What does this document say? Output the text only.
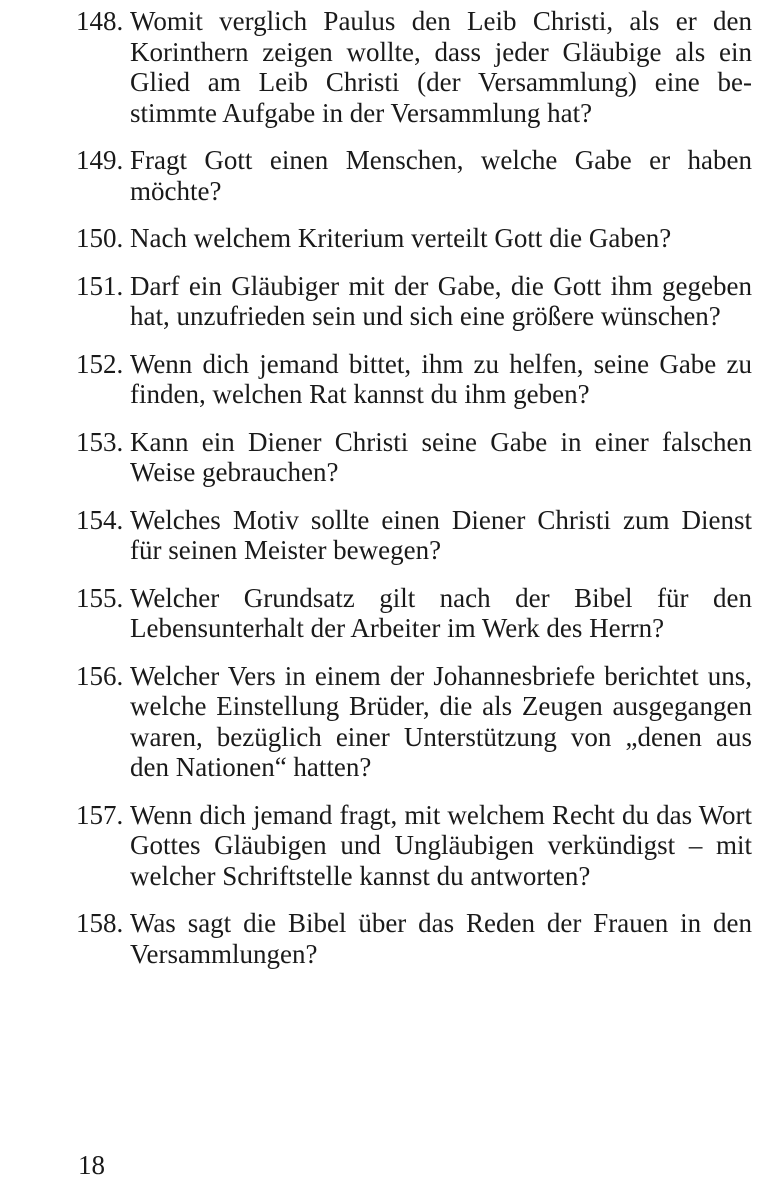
148. Womit verglich Paulus den Leib Christi, als er den Korinthern zeigen wollte, dass jeder Gläubige als ein Glied am Leib Christi (der Versammlung) eine bestimmte Aufgabe in der Versammlung hat?
149. Fragt Gott einen Menschen, welche Gabe er haben möchte?
150. Nach welchem Kriterium verteilt Gott die Gaben?
151. Darf ein Gläubiger mit der Gabe, die Gott ihm gegeben hat, unzufrieden sein und sich eine größere wünschen?
152. Wenn dich jemand bittet, ihm zu helfen, seine Gabe zu finden, welchen Rat kannst du ihm geben?
153. Kann ein Diener Christi seine Gabe in einer falschen Weise gebrauchen?
154. Welches Motiv sollte einen Diener Christi zum Dienst für seinen Meister bewegen?
155. Welcher Grundsatz gilt nach der Bibel für den Lebensunterhalt der Arbeiter im Werk des Herrn?
156. Welcher Vers in einem der Johannesbriefe berichtet uns, welche Einstellung Brüder, die als Zeugen ausgegangen waren, bezüglich einer Unterstützung von „denen aus den Nationen“ hatten?
157. Wenn dich jemand fragt, mit welchem Recht du das Wort Gottes Gläubigen und Ungläubigen verkündigst – mit welcher Schriftstelle kannst du antworten?
158. Was sagt die Bibel über das Reden der Frauen in den Versammlungen?
18
